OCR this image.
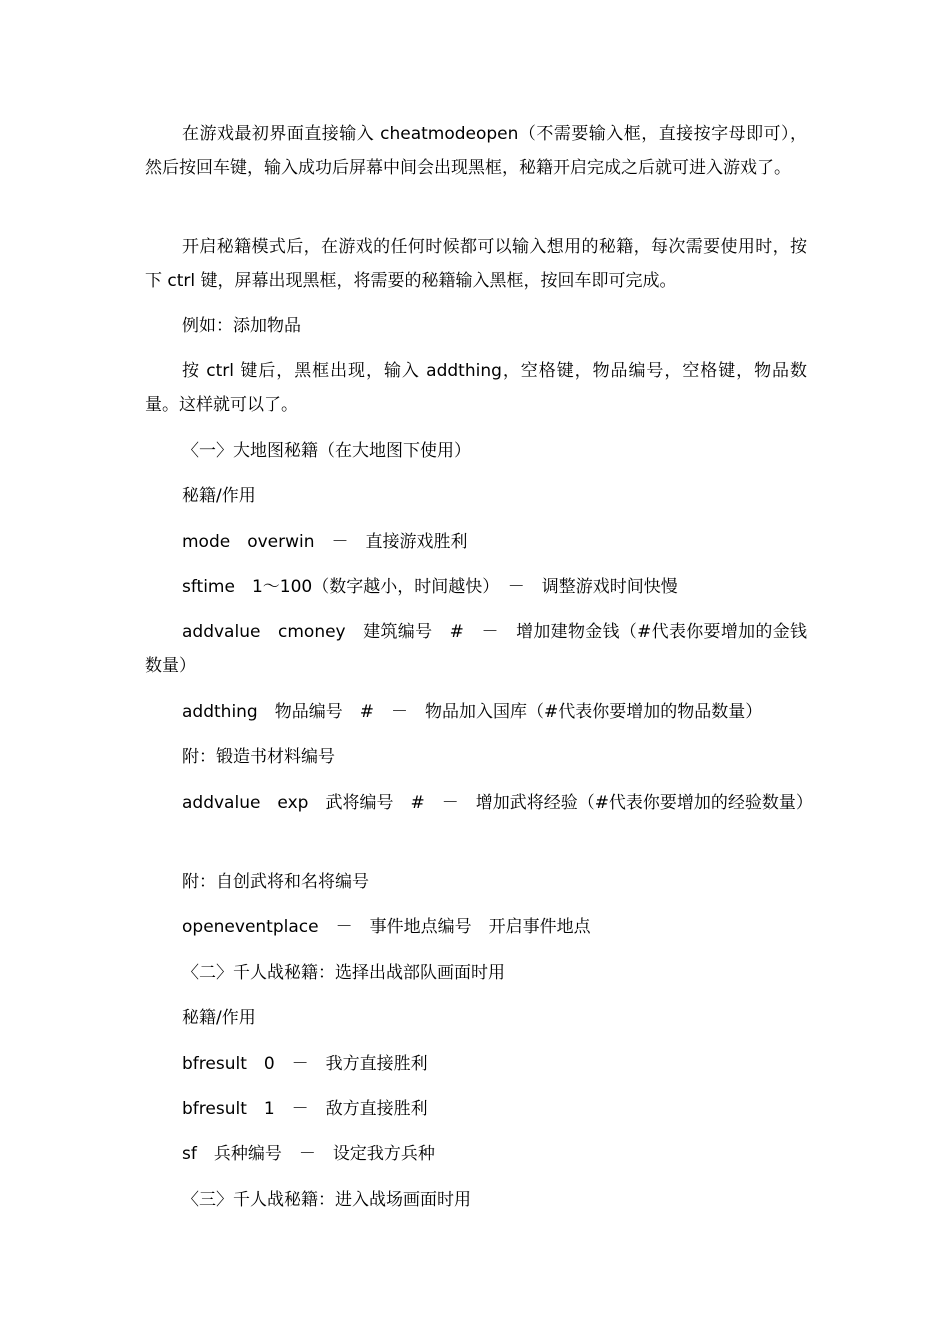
在游戏最初界面直接输入 cheatmodeopen（不需要输入框，直接按字母即可），然后按回车键，输入成功后屏幕中间会出现黑框，秘籍开启完成之后就可进入游戏了。

开启秘籍模式后，在游戏的任何时候都可以输入想用的秘籍，每次需要使用时，按下 ctrl 键，屏幕出现黑框，将需要的秘籍输入黑框，按回车即可完成。

例如：添加物品

按 ctrl 键后，黑框出现，输入 addthing，空格键，物品编号，空格键，物品数量。这样就可以了。

〈一〉大地图秘籍（在大地图下使用）

秘籍/作用

mode　overwin　－　直接游戏胜利

sftime　1～100（数字越小，时间越快）　－　调整游戏时间快慢

addvalue　cmoney　建筑编号　#　－　增加建物金钱（#代表你要增加的金钱数量）

addthing　物品编号　#　－　物品加入国库（#代表你要增加的物品数量）

附：锻造书材料编号

addvalue　exp　武将编号　#　－　增加武将经验（#代表你要增加的经验数量）

附：自创武将和名将编号

openeventplace　－　事件地点编号　开启事件地点

〈二〉千人战秘籍：选择出战部队画面时用

秘籍/作用

bfresult　0　－　我方直接胜利

bfresult　1　－　敌方直接胜利

sf　兵种编号　－　设定我方兵种

〈三〉千人战秘籍：进入战场画面时用
